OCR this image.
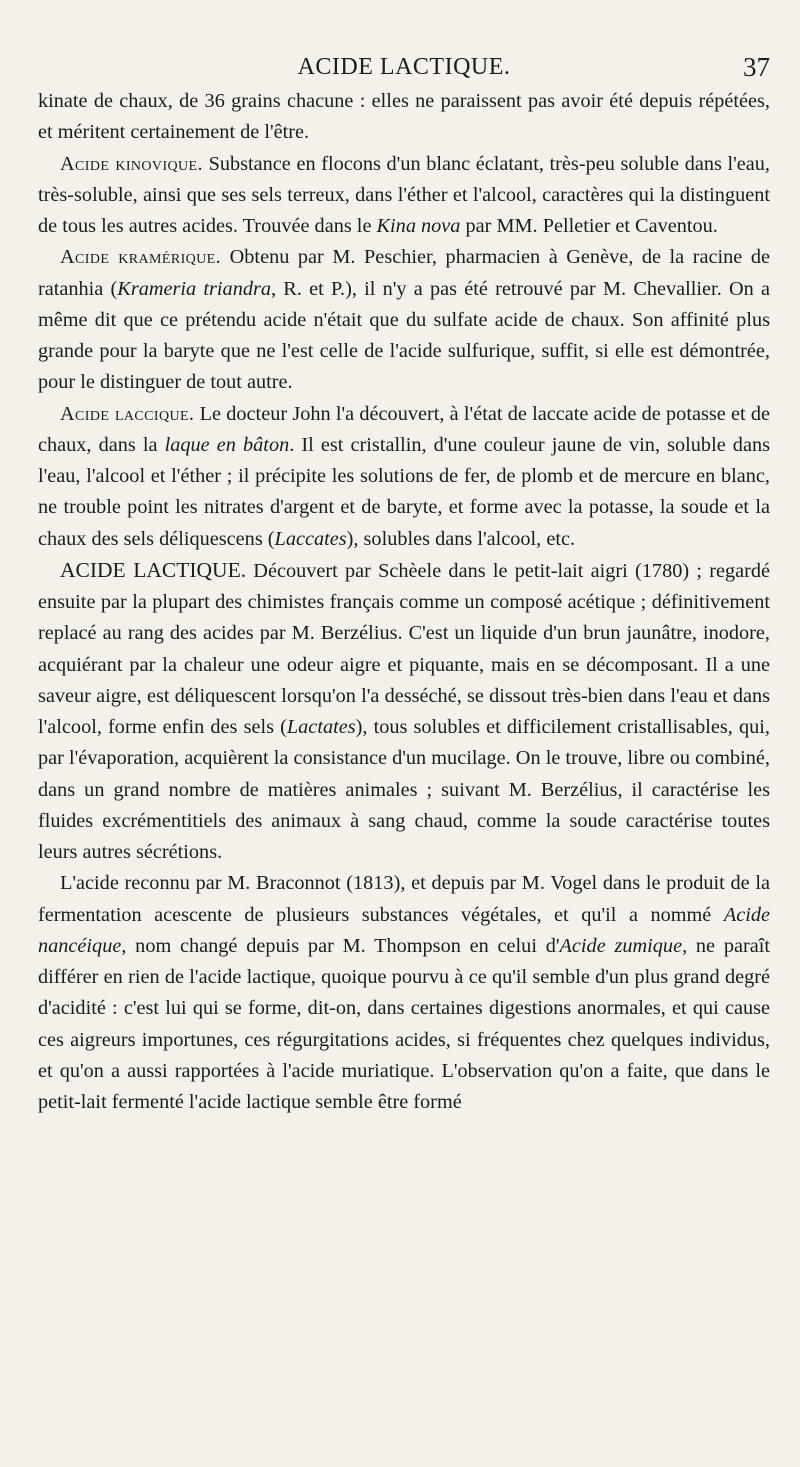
ACIDE LACTIQUE.	37

kinate de chaux, de 36 grains chacune : elles ne paraissent pas avoir été depuis répétées, et méritent certainement de l'être.

Acide kinovique. Substance en flocons d'un blanc éclatant, très-peu soluble dans l'eau, très-soluble, ainsi que ses sels terreux, dans l'éther et l'alcool, caractères qui la distinguent de tous les autres acides. Trouvée dans le Kina nova par MM. Pelletier et Caventou.

Acide kramérique. Obtenu par M. Peschier, pharmacien à Genève, de la racine de ratanhia (Krameria triandra, R. et P.), il n'y a pas été retrouvé par M. Chevallier. On a même dit que ce prétendu acide n'était que du sulfate acide de chaux. Son affinité plus grande pour la baryte que ne l'est celle de l'acide sulfurique, suffit, si elle est démontrée, pour le distinguer de tout autre.

Acide laccique. Le docteur John l'a découvert, à l'état de laccate acide de potasse et de chaux, dans la laque en bâton. Il est cristallin, d'une couleur jaune de vin, soluble dans l'eau, l'alcool et l'éther ; il précipite les solutions de fer, de plomb et de mercure en blanc, ne trouble point les nitrates d'argent et de baryte, et forme avec la potasse, la soude et la chaux des sels déliquescens (Laccates), solubles dans l'alcool, etc.

ACIDE LACTIQUE. Découvert par Schèele dans le petit-lait aigri (1780) ; regardé ensuite par la plupart des chimistes français comme un composé acétique ; définitivement replacé au rang des acides par M. Berzélius. C'est un liquide d'un brun jaunâtre, inodore, acquiérant par la chaleur une odeur aigre et piquante, mais en se décomposant. Il a une saveur aigre, est déliquescent lorsqu'on l'a desséché, se dissout très-bien dans l'eau et dans l'alcool, forme enfin des sels (Lactates), tous solubles et difficilement cristallisables, qui, par l'évaporation, acquièrent la consistance d'un mucilage. On le trouve, libre ou combiné, dans un grand nombre de matières animales ; suivant M. Berzélius, il caractérise les fluides excrémentitiels des animaux à sang chaud, comme la soude caractérise toutes leurs autres sécrétions.

L'acide reconnu par M. Braconnot (1813), et depuis par M. Vogel dans le produit de la fermentation acescente de plusieurs substances végétales, et qu'il a nommé Acide nancéique, nom changé depuis par M. Thompson en celui d'Acide zumique, ne paraît différer en rien de l'acide lactique, quoique pourvu à ce qu'il semble d'un plus grand degré d'acidité : c'est lui qui se forme, dit-on, dans certaines digestions anormales, et qui cause ces aigreurs importunes, ces régurgitations acides, si fréquentes chez quelques individus, et qu'on a aussi rapportées à l'acide muriatique. L'observation qu'on a faite, que dans le petit-lait fermenté l'acide lactique semble être formé
